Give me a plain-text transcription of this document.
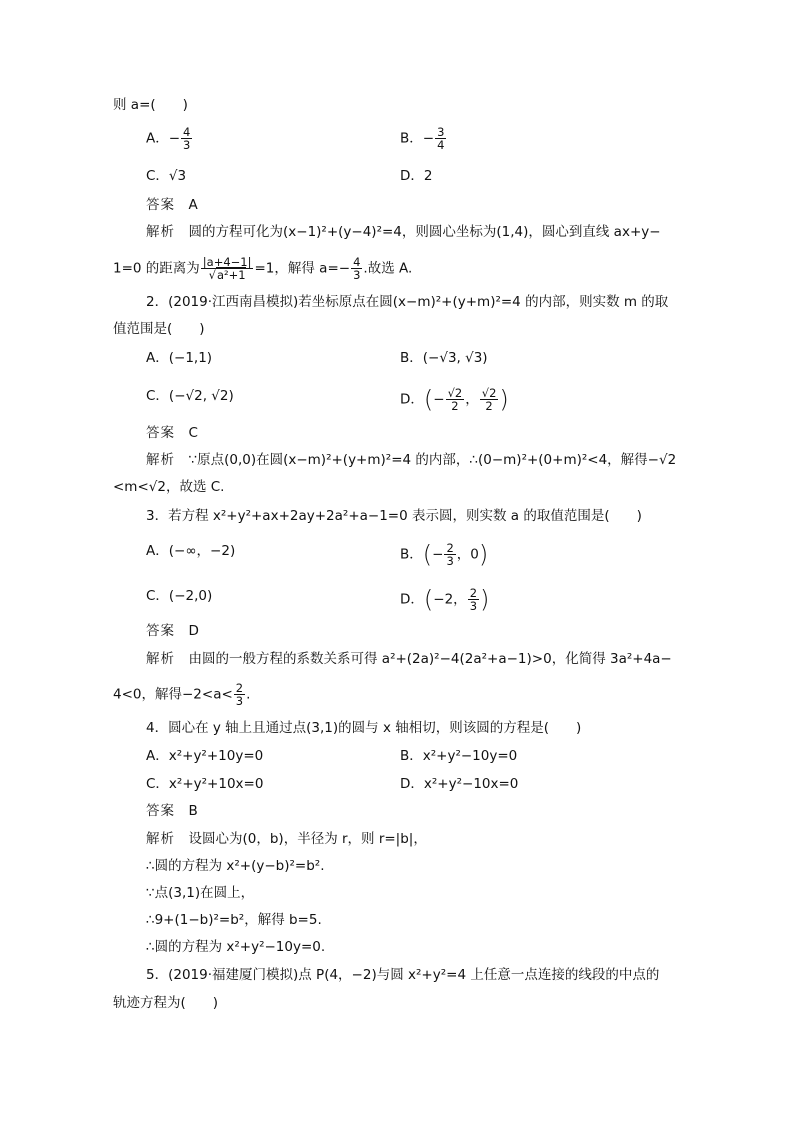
则 a=(　　)
A．− $\frac{4}{3}$	B．− $\frac{3}{4}$
C．√3	D．2
答案　 A
解析　 圆的方程可化为(x−1)²+(y−4)²=4，则圆心坐标为(1,4)，圆心到直线 ax+y−
1=0 的距离为 $\frac{|a+4-1|}{\text{√a²+1}} =1$，解得 $a=- \frac{4}{3}$ .故选 A.
2．(2019·江西南昌模拟)若坐标原点在圆(x−m)²+(y+m)²=4 的内部，则实数 m 的取
值范围是(　　)
A．(−1,1)	B．(−√3, √3)
C．(−√2, √2)	D．(− $\frac{√2}{2}$ ， $\frac{√2}{2}$ )
答案　 C
解析　 ∵原点(0,0)在圆(x−m)²+(y+m)²=4 的内部，∴(0−m)²+(0+m)²<4，解得−√2
<m<√2，故选 C.
3．若方程 x²+y²+ax+2ay+2a²+a−1=0 表示圆，则实数 a 的取值范围是(　　)
A．(−∞，−2)	B．(− $\frac{2}{3}$ ，0)
C．(−2,0)	D．(−2， $\frac{2}{3}$ )
答案　 D
解析　 由圆的一般方程的系数关系可得 a²+(2a)²−4(2a²+a−1)>0，化简得 3a²+4a−
4<0，解得$-2<a< \frac{2}{3}$ .
4．圆心在 y 轴上且通过点(3,1)的圆与 x 轴相切，则该圆的方程是(　　)
A．x²+y²+10y=0	B．x²+y²−10y=0
C．x²+y²+10x=0	D．x²+y²−10x=0
答案　 B
解析　 设圆心为(0，b)，半径为 r，则 r=|b|，
∴圆的方程为 x²+(y−b)²=b².
∵点(3,1)在圆上，
∴9+(1−b)²=b²，解得 b=5.
∴圆的方程为 x²+y²−10y=0.
5．(2019·福建厦门模拟)点 P(4，−2)与圆 x²+y²=4 上任意一点连接的线段的中点的
轨迹方程为(　　)
